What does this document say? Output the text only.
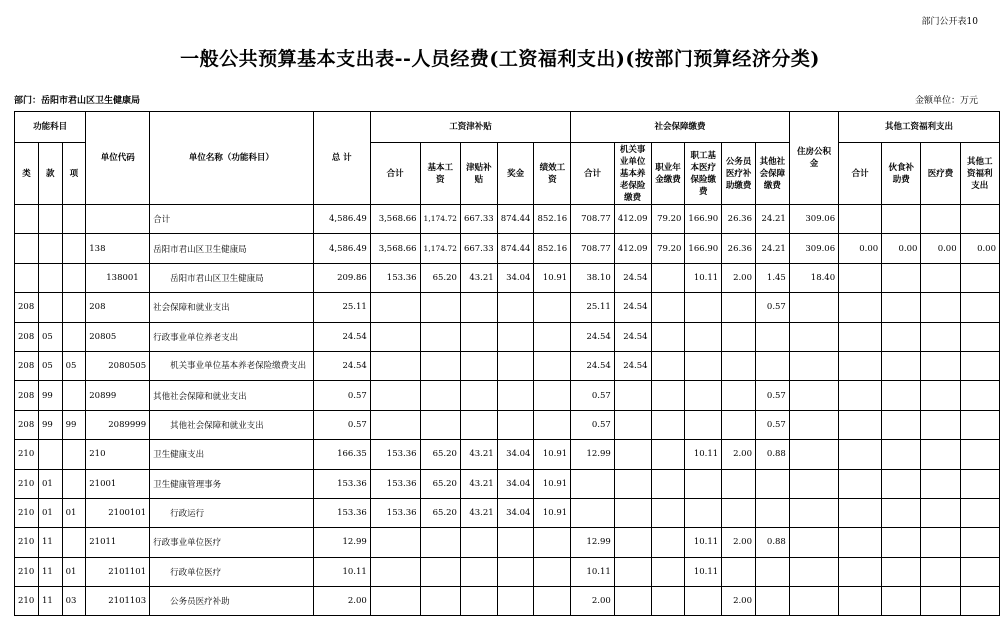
部门公开表10
一般公共预算基本支出表--人员经费(工资福利支出)(按部门预算经济分类)
部门：岳阳市君山区卫生健康局	金额单位：万元
功能科目			单位代码	单位名称（功能科目）	总 计	工资津补贴					社会保障缴费						住房公积金	其他工资福利支出			
类	款	项				合计	基本工资	津贴补贴	奖金	绩效工资	合计	机关事业单位基本养老保险缴费	职业年金缴费	职工基本医疗保险缴费	公务员医疗补助缴费	其他社会保障缴费		合计	伙食补助费	医疗费	其他工资福利支出
				合计	4,586.49	3,568.66	1,174.72	667.33	874.44	852.16	708.77	412.09	79.20	166.90	26.36	24.21	309.06				
			138	岳阳市君山区卫生健康局	4,586.49	3,568.66	1,174.72	667.33	874.44	852.16	708.77	412.09	79.20	166.90	26.36	24.21	309.06	0.00	0.00	0.00	0.00
			138001	岳阳市君山区卫生健康局	209.86	153.36	65.20	43.21	34.04	10.91	38.10	24.54		10.11	2.00	1.45	18.40				
208			208	社会保障和就业支出	25.11						25.11	24.54				0.57					
208	05		20805	行政事业单位养老支出	24.54						24.54	24.54									
208	05	05	2080505	机关事业单位基本养老保险缴费支出	24.54						24.54	24.54									
208	99		20899	其他社会保障和就业支出	0.57						0.57					0.57					
208	99	99	2089999	其他社会保障和就业支出	0.57						0.57					0.57					
210			210	卫生健康支出	166.35	153.36	65.20	43.21	34.04	10.91	12.99			10.11	2.00	0.88					
210	01		21001	卫生健康管理事务	153.36	153.36	65.20	43.21	34.04	10.91											
210	01	01	2100101	行政运行	153.36	153.36	65.20	43.21	34.04	10.91											
210	11		21011	行政事业单位医疗	12.99						12.99			10.11	2.00	0.88					
210	11	01	2101101	行政单位医疗	10.11						10.11			10.11							
210	11	03	2101103	公务员医疗补助	2.00						2.00				2.00						
